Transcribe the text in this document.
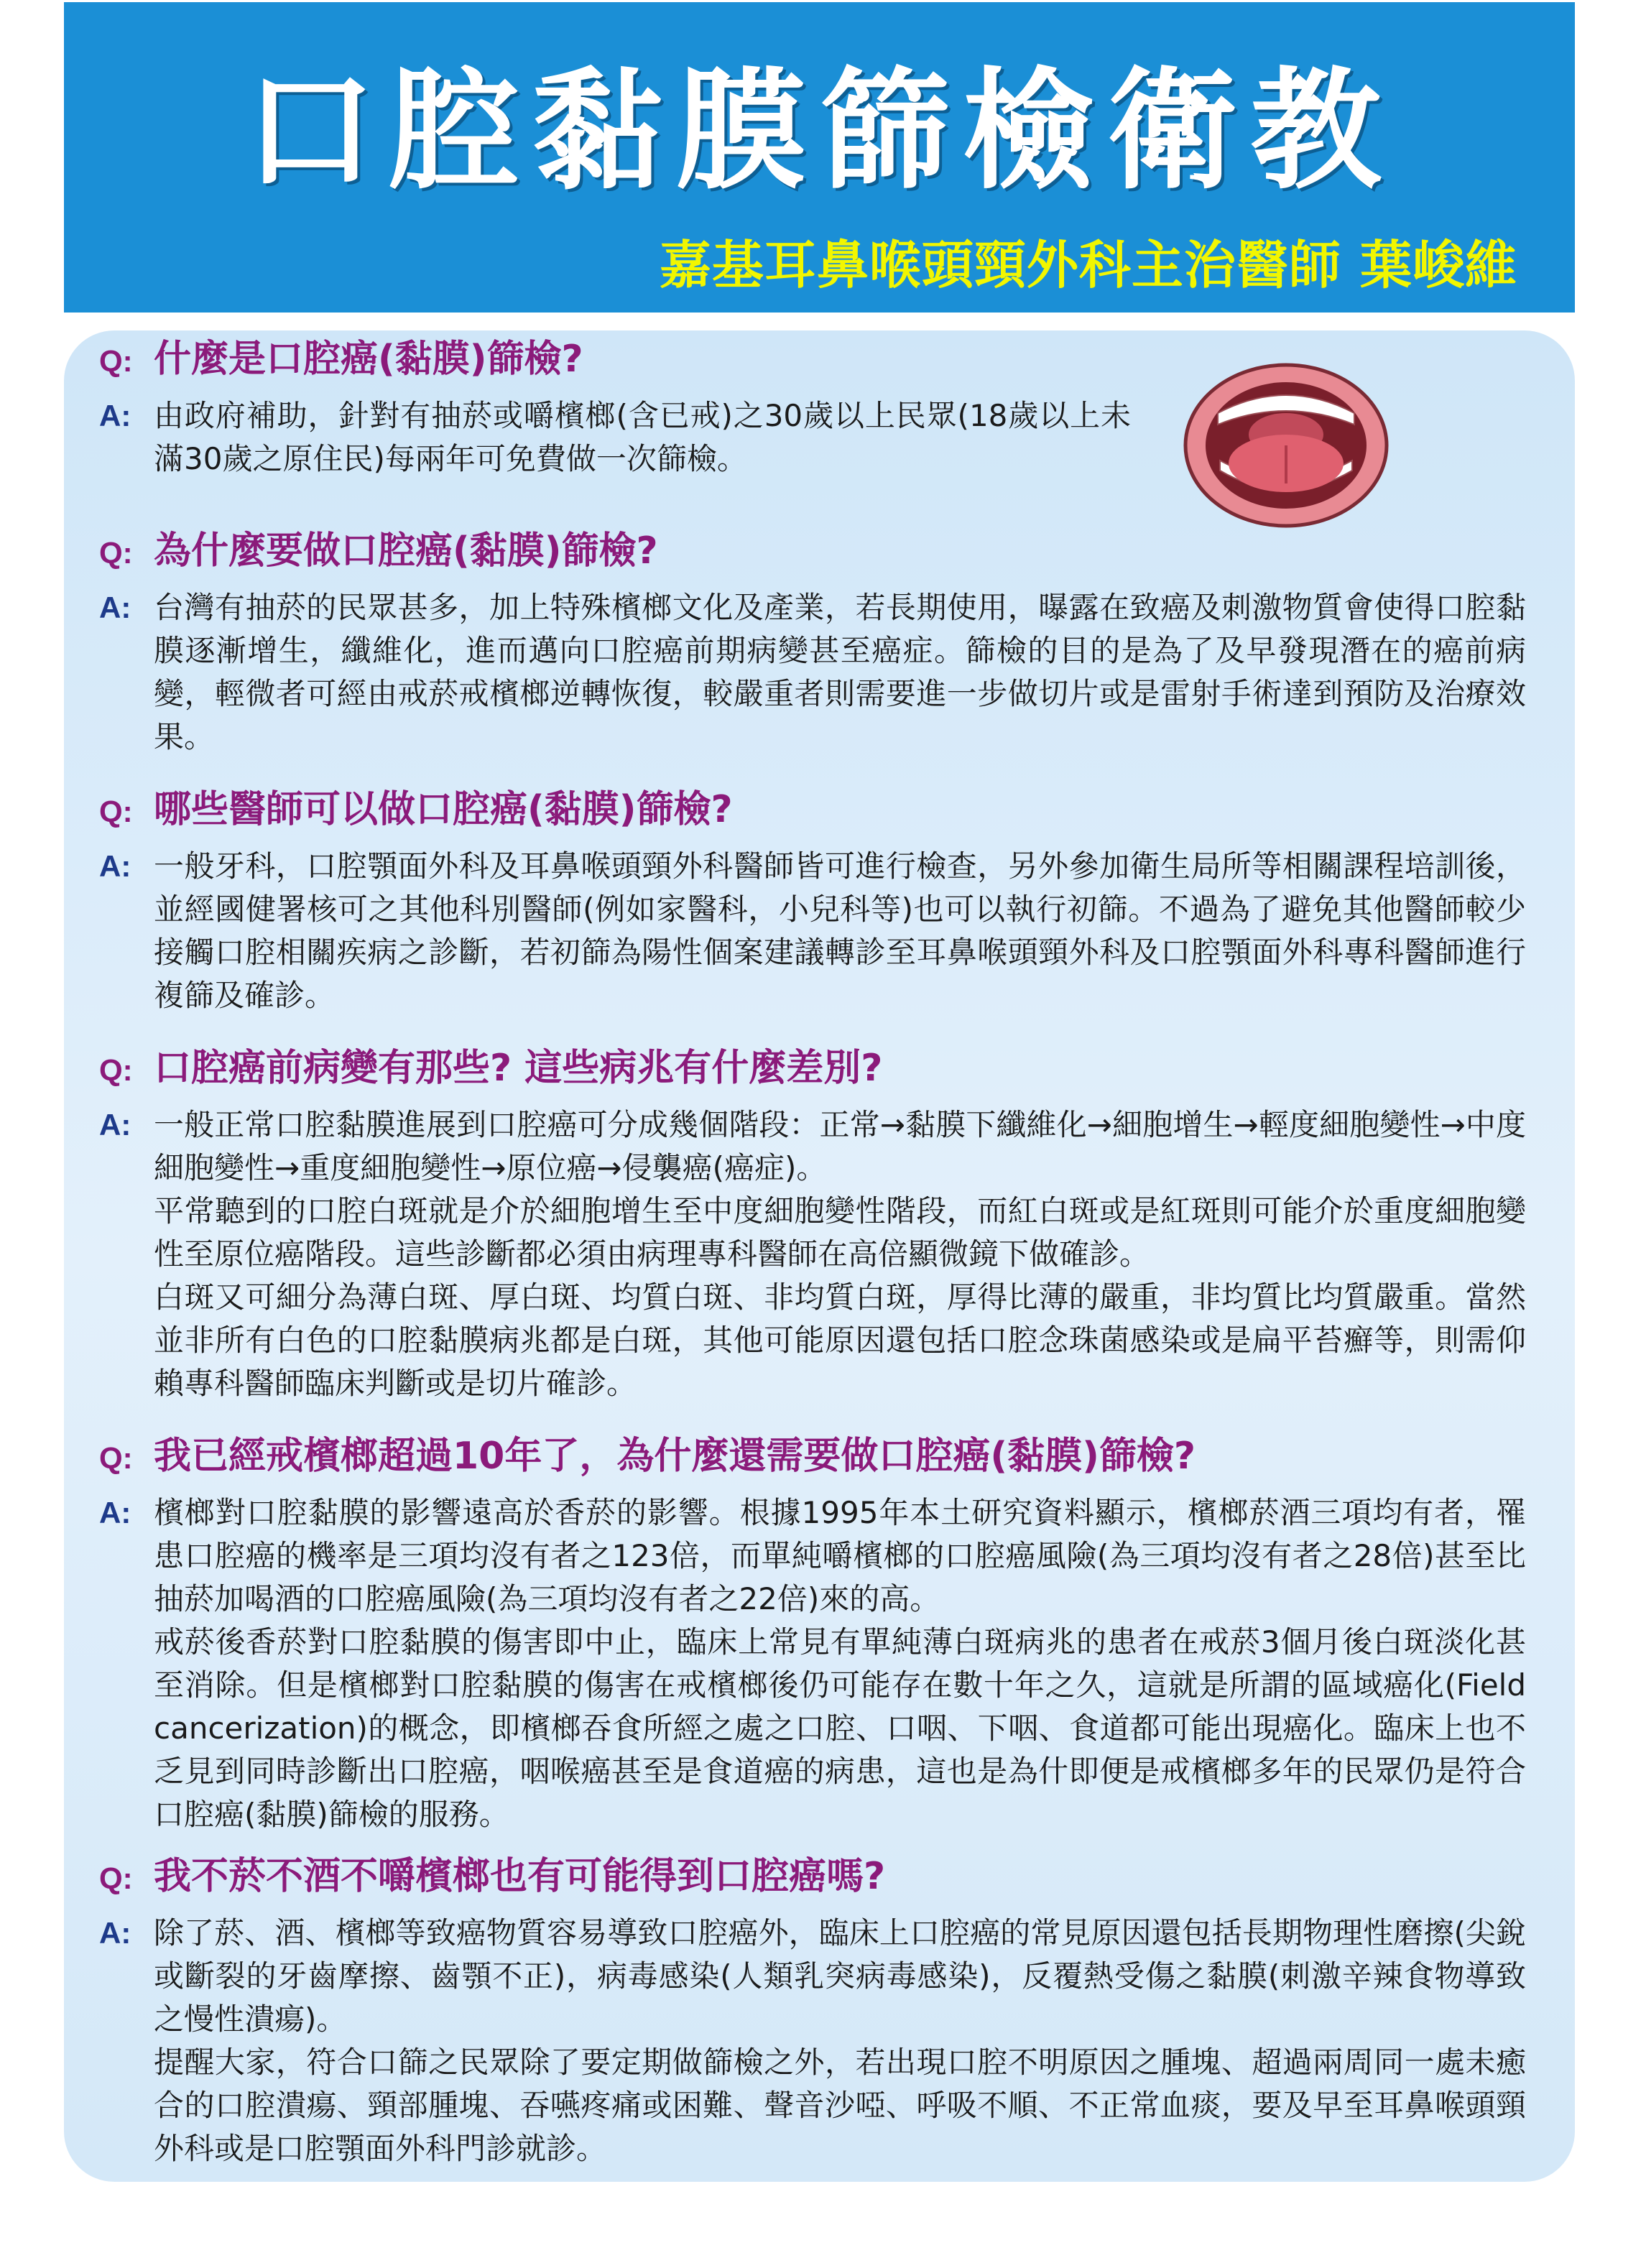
口腔黏膜篩檢衛教
嘉基耳鼻喉頭頸外科主治醫師 葉峻維
Q: 什麼是口腔癌(黏膜)篩檢?
A: 由政府補助，針對有抽菸或嚼檳榔(含已戒)之30歲以上民眾(18歲以上未滿30歲之原住民)每兩年可免費做一次篩檢。

Q: 為什麼要做口腔癌(黏膜)篩檢?
A: 台灣有抽菸的民眾甚多，加上特殊檳榔文化及產業，若長期使用，曝露在致癌及刺激物質會使得口腔黏膜逐漸增生，纖維化，進而邁向口腔癌前期病變甚至癌症。篩檢的目的是為了及早發現潛在的癌前病變，輕微者可經由戒菸戒檳榔逆轉恢復，較嚴重者則需要進一步做切片或是雷射手術達到預防及治療效果。

Q: 哪些醫師可以做口腔癌(黏膜)篩檢?
A: 一般牙科，口腔顎面外科及耳鼻喉頭頸外科醫師皆可進行檢查，另外參加衛生局所等相關課程培訓後，並經國健署核可之其他科別醫師(例如家醫科，小兒科等)也可以執行初篩。不過為了避免其他醫師較少接觸口腔相關疾病之診斷，若初篩為陽性個案建議轉診至耳鼻喉頭頸外科及口腔顎面外科專科醫師進行複篩及確診。

Q: 口腔癌前病變有那些? 這些病兆有什麼差別?
A: 一般正常口腔黏膜進展到口腔癌可分成幾個階段：正常→黏膜下纖維化→細胞增生→輕度細胞變性→中度細胞變性→重度細胞變性→原位癌→侵襲癌(癌症)。

平常聽到的口腔白斑就是介於細胞增生至中度細胞變性階段，而紅白斑或是紅斑則可能介於重度細胞變性至原位癌階段。這些診斷都必須由病理專科醫師在高倍顯微鏡下做確診。

白斑又可細分為薄白斑、厚白斑、均質白斑、非均質白斑，厚得比薄的嚴重，非均質比均質嚴重。當然並非所有白色的口腔黏膜病兆都是白斑，其他可能原因還包括口腔念珠菌感染或是扁平苔癬等，則需仰賴專科醫師臨床判斷或是切片確診。

Q: 我已經戒檳榔超過10年了，為什麼還需要做口腔癌(黏膜)篩檢?
A: 檳榔對口腔黏膜的影響遠高於香菸的影響。根據1995年本土研究資料顯示，檳榔菸酒三項均有者，罹患口腔癌的機率是三項均沒有者之123倍，而單純嚼檳榔的口腔癌風險(為三項均沒有者之28倍)甚至比抽菸加喝酒的口腔癌風險(為三項均沒有者之22倍)來的高。

戒菸後香菸對口腔黏膜的傷害即中止，臨床上常見有單純薄白斑病兆的患者在戒菸3個月後白斑淡化甚至消除。但是檳榔對口腔黏膜的傷害在戒檳榔後仍可能存在數十年之久，這就是所謂的區域癌化(Field cancerization)的概念，即檳榔吞食所經之處之口腔、口咽、下咽、食道都可能出現癌化。臨床上也不乏見到同時診斷出口腔癌，咽喉癌甚至是食道癌的病患，這也是為什即便是戒檳榔多年的民眾仍是符合口腔癌(黏膜)篩檢的服務。

Q: 我不菸不酒不嚼檳榔也有可能得到口腔癌嗎?
A: 除了菸、酒、檳榔等致癌物質容易導致口腔癌外，臨床上口腔癌的常見原因還包括長期物理性磨擦(尖銳或斷裂的牙齒摩擦、齒顎不正)，病毒感染(人類乳突病毒感染)，反覆熱受傷之黏膜(刺激辛辣食物導致之慢性潰瘍)。

提醒大家，符合口篩之民眾除了要定期做篩檢之外，若出現口腔不明原因之腫塊、超過兩周同一處未癒合的口腔潰瘍、頸部腫塊、吞嚥疼痛或困難、聲音沙啞、呼吸不順、不正常血痰，要及早至耳鼻喉頭頸外科或是口腔顎面外科門診就診。
